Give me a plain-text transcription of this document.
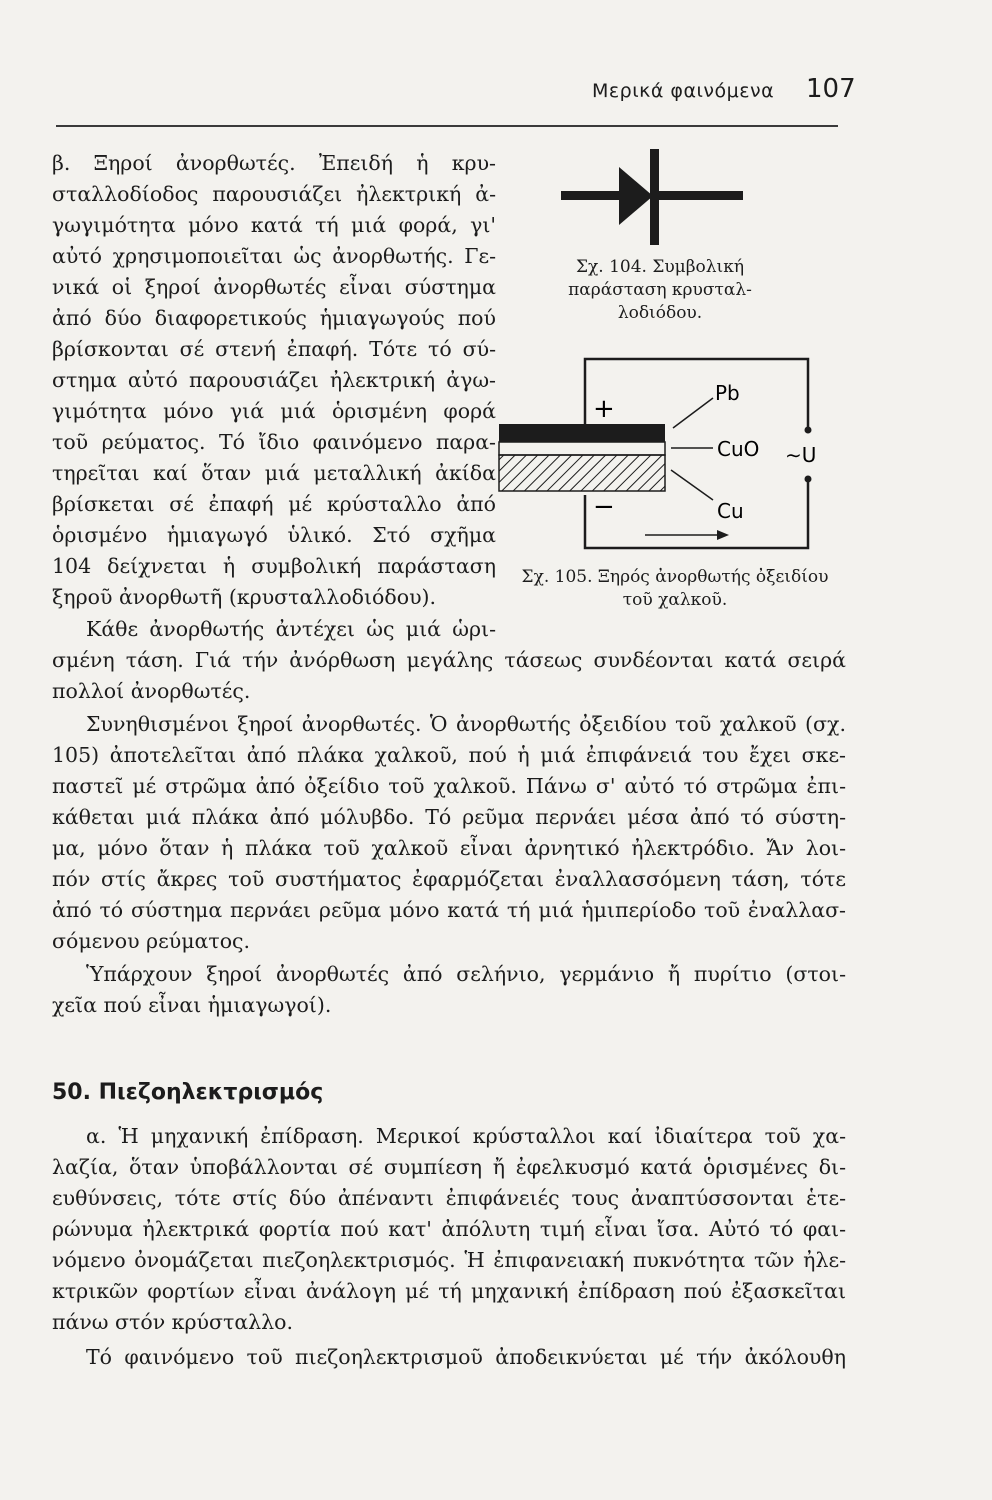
Μερικά φαινόμενα 107

β. Ξηροί ἀνορθωτές. Ἐπειδή ἡ κρυ-

σταλλοδίοδος παρουσιάζει ἠλεκτρική ἀ-

γωγιμότητα μόνο κατά τή μιά φορά, γι'

αὐτό χρησιμοποιεῖται ὡς ἀνορθωτής. Γε-

νικά οἱ ξηροί ἀνορθωτές εἶναι σύστημα

ἀπό δύο διαφορετικούς ἡμιαγωγούς πού

βρίσκονται σέ στενή ἐπαφή. Τότε τό σύ-

στημα αὐτό παρουσιάζει ἠλεκτρική ἀγω-

γιμότητα μόνο γιά μιά ὁρισμένη φορά

τοῦ ρεύματος. Τό ἴδιο φαινόμενο παρα-

τηρεῖται καί ὅταν μιά μεταλλική ἀκίδα

βρίσκεται σέ ἐπαφή μέ κρύσταλλο ἀπό

ὁρισμένο ἡμιαγωγό ὑλικό. Στό σχῆμα

104 δείχνεται ἡ συμβολική παράσταση

ξηροῦ ἀνορθωτῆ (κρυσταλλοδιόδου).

Σχ. 104. Συμβολική

παράσταση κρυσταλ-

λοδιόδου.

+
−
Pb
CuO
Cu
∼U

Σχ. 105. Ξηρός ἀνορθωτής ὀξειδίου

τοῦ χαλκοῦ.

Κάθε ἀνορθωτής ἀντέχει ὡς μιά ὡρι-

σμένη τάση. Γιά τήν ἀνόρθωση μεγάλης τάσεως συνδέονται κατά σειρά

πολλοί ἀνορθωτές.

Συνηθισμένοι ξηροί ἀνορθωτές. Ὁ ἀνορθωτής ὀξειδίου τοῦ χαλκοῦ (σχ.

105) ἀποτελεῖται ἀπό πλάκα χαλκοῦ, πού ἡ μιά ἐπιφάνειά του ἔχει σκε-

παστεῖ μέ στρῶμα ἀπό ὀξείδιο τοῦ χαλκοῦ. Πάνω σ' αὐτό τό στρῶμα ἐπι-

κάθεται μιά πλάκα ἀπό μόλυβδο. Τό ρεῦμα περνάει μέσα ἀπό τό σύστη-

μα, μόνο ὅταν ἡ πλάκα τοῦ χαλκοῦ εἶναι ἀρνητικό ἠλεκτρόδιο. Ἄν λοι-

πόν στίς ἄκρες τοῦ συστήματος ἐφαρμόζεται ἐναλλασσόμενη τάση, τότε

ἀπό τό σύστημα περνάει ρεῦμα μόνο κατά τή μιά ἡμιπερίοδο τοῦ ἐναλλασ-

σόμενου ρεύματος.

Ὑπάρχουν ξηροί ἀνορθωτές ἀπό σελήνιο, γερμάνιο ἤ πυρίτιο (στοι-

χεῖα πού εἶναι ἡμιαγωγοί).

50. Πιεζοηλεκτρισμός

α. Ἡ μηχανική ἐπίδραση. Μερικοί κρύσταλλοι καί ἰδιαίτερα τοῦ χα-

λαζία, ὅταν ὑποβάλλονται σέ συμπίεση ἤ ἐφελκυσμό κατά ὁρισμένες δι-

ευθύνσεις, τότε στίς δύο ἀπέναντι ἐπιφάνειές τους ἀναπτύσσονται ἑτε-

ρώνυμα ἠλεκτρικά φορτία πού κατ' ἀπόλυτη τιμή εἶναι ἴσα. Αὐτό τό φαι-

νόμενο ὀνομάζεται πιεζοηλεκτρισμός. Ἡ ἐπιφανειακή πυκνότητα τῶν ἠλε-

κτρικῶν φορτίων εἶναι ἀνάλογη μέ τή μηχανική ἐπίδραση πού ἐξασκεῖται

πάνω στόν κρύσταλλο.

Τό φαινόμενο τοῦ πιεζοηλεκτρισμοῦ ἀποδεικνύεται μέ τήν ἀκόλουθη
